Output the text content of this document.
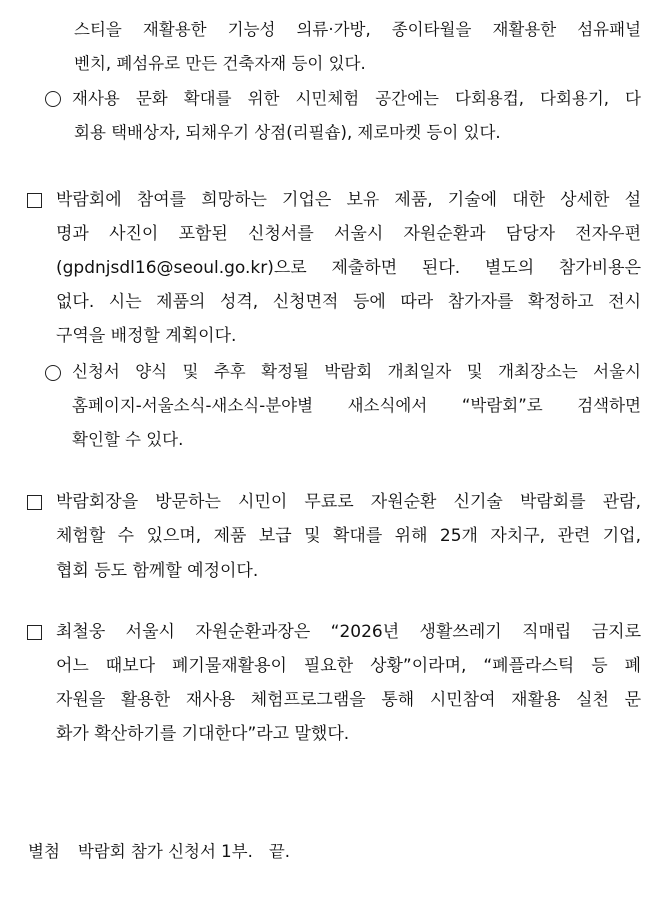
스티을 재활용한 기능성 의류·가방, 종이타월을 재활용한 섬유패널
벤치, 폐섬유로 만든 건축자재 등이 있다.
재사용 문화 확대를 위한 시민체험 공간에는 다회용컵, 다회용기, 다
회용 택배상자, 되채우기 상점(리필숍), 제로마켓 등이 있다.
박람회에 참여를 희망하는 기업은 보유 제품, 기술에 대한 상세한 설
명과 사진이 포함된 신청서를 서울시 자원순환과 담당자 전자우편
(gpdnjsdl16@seoul.go.kr)으로 제출하면 된다. 별도의 참가비용은
없다. 시는 제품의 성격, 신청면적 등에 따라 참가자를 확정하고 전시
구역을 배정할 계획이다.
신청서 양식 및 추후 확정될 박람회 개최일자 및 개최장소는 서울시
홈페이지-서울소식-새소식-분야별 새소식에서 “박람회”로 검색하면
확인할 수 있다.
박람회장을 방문하는 시민이 무료로 자원순환 신기술 박람회를 관람,
체험할 수 있으며, 제품 보급 및 확대를 위해 25개 자치구, 관련 기업,
협회 등도 함께할 예정이다.
최철웅 서울시 자원순환과장은 “2026년 생활쓰레기 직매립 금지로
어느 때보다 폐기물재활용이 필요한 상황”이라며, “폐플라스틱 등 폐
자원을 활용한 재사용 체험프로그램을 통해 시민참여 재활용 실천 문
화가 확산하기를 기대한다”라고 말했다.
별첨 박람회 참가 신청서 1부. 끝.
